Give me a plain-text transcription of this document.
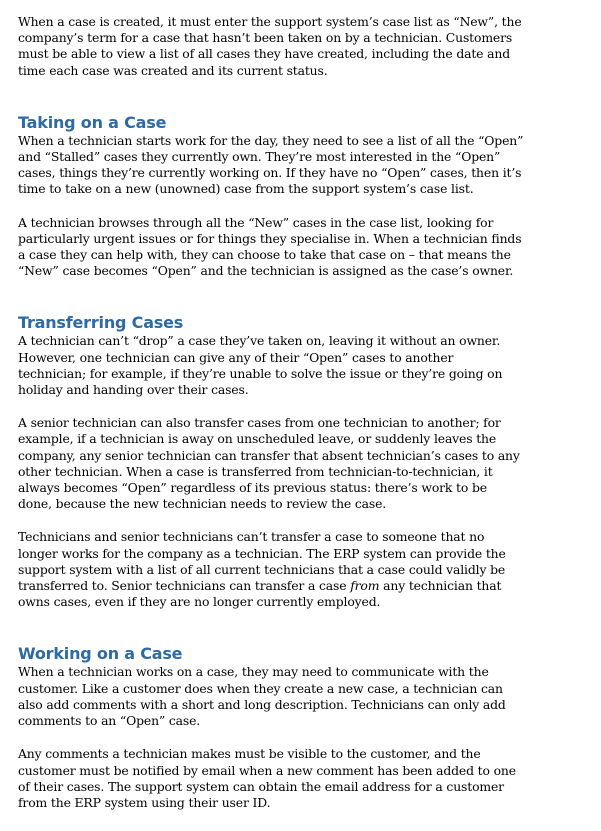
When a case is created, it must enter the support system’s case list as “New”, the
company’s term for a case that hasn’t been taken on by a technician. Customers
must be able to view a list of all cases they have created, including the date and
time each case was created and its current status.

Taking on a Case

When a technician starts work for the day, they need to see a list of all the “Open”
and “Stalled” cases they currently own. They’re most interested in the “Open”
cases, things they’re currently working on. If they have no “Open” cases, then it’s
time to take on a new (unowned) case from the support system’s case list.

A technician browses through all the “New” cases in the case list, looking for
particularly urgent issues or for things they specialise in. When a technician finds
a case they can help with, they can choose to take that case on – that means the
“New” case becomes “Open” and the technician is assigned as the case’s owner.

Transferring Cases

A technician can’t “drop” a case they’ve taken on, leaving it without an owner.
However, one technician can give any of their “Open” cases to another
technician; for example, if they’re unable to solve the issue or they’re going on
holiday and handing over their cases.

A senior technician can also transfer cases from one technician to another; for
example, if a technician is away on unscheduled leave, or suddenly leaves the
company, any senior technician can transfer that absent technician’s cases to any
other technician. When a case is transferred from technician-to-technician, it
always becomes “Open” regardless of its previous status: there’s work to be
done, because the new technician needs to review the case.

Technicians and senior technicians can’t transfer a case to someone that no
longer works for the company as a technician. The ERP system can provide the
support system with a list of all current technicians that a case could validly be
transferred to. Senior technicians can transfer a case from any technician that
owns cases, even if they are no longer currently employed.

Working on a Case

When a technician works on a case, they may need to communicate with the
customer. Like a customer does when they create a new case, a technician can
also add comments with a short and long description. Technicians can only add
comments to an “Open” case.

Any comments a technician makes must be visible to the customer, and the
customer must be notified by email when a new comment has been added to one
of their cases. The support system can obtain the email address for a customer
from the ERP system using their user ID.
